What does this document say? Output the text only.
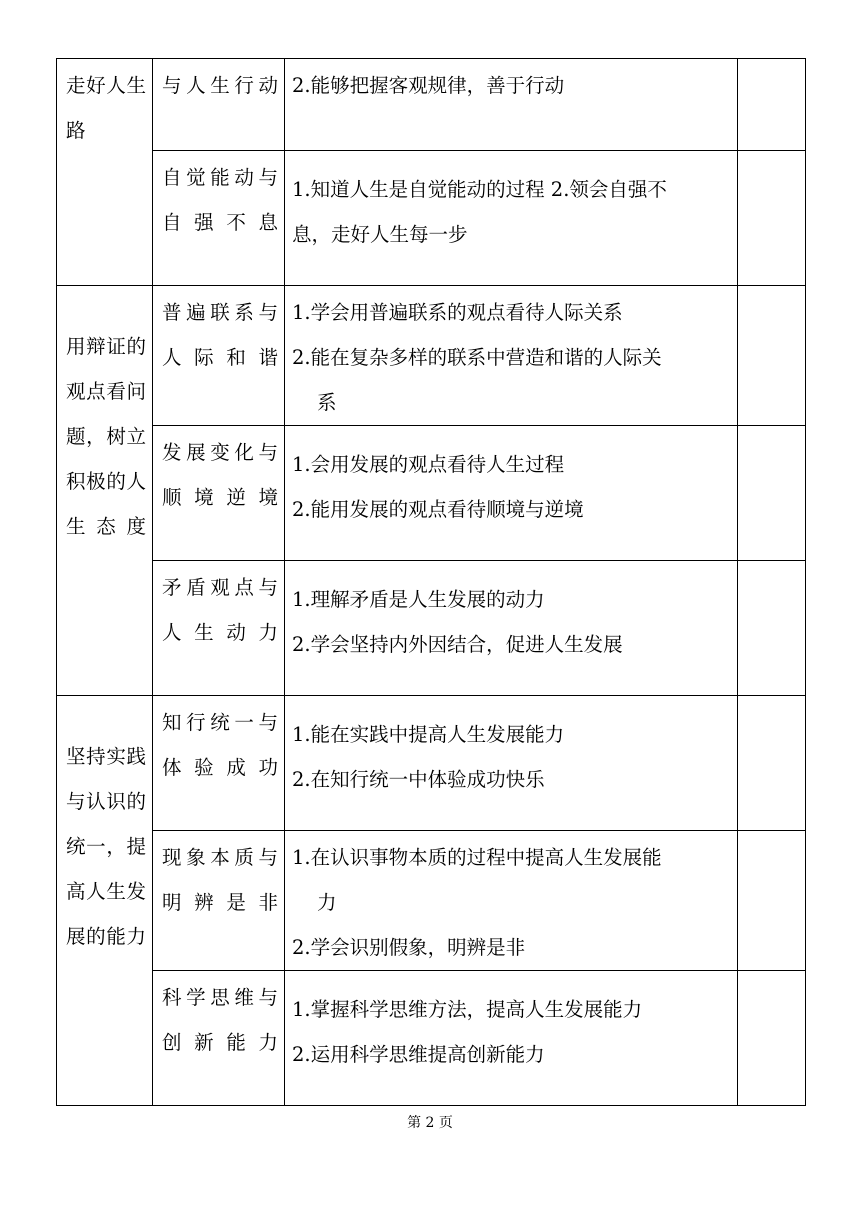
走好人生路	与人生行动	2.能够把握客观规律，善于行动	

	自觉能动与自强不息	1.知道人生是自觉能动的过程 2.领会自强不
息，走好人生每一步	

用辩证的观点看问题，树立积极的人生态度	普遍联系与人际和谐	1.学会用普遍联系的观点看待人际关系
2.能在复杂多样的联系中营造和谐的人际关
系	

	发展变化与顺境逆境	1.会用发展的观点看待人生过程
2.能用发展的观点看待顺境与逆境	

	矛盾观点与人生动力	1.理解矛盾是人生发展的动力
2.学会坚持内外因结合，促进人生发展	

坚持实践与认识的统一，提高人生发展的能力	知行统一与体验成功	1.能在实践中提高人生发展能力
2.在知行统一中体验成功快乐	

	现象本质与明辨是非	1.在认识事物本质的过程中提高人生发展能
力
2.学会识别假象，明辨是非	

	科学思维与创新能力	1.掌握科学思维方法，提高人生发展能力
2.运用科学思维提高创新能力	

第 2 页
